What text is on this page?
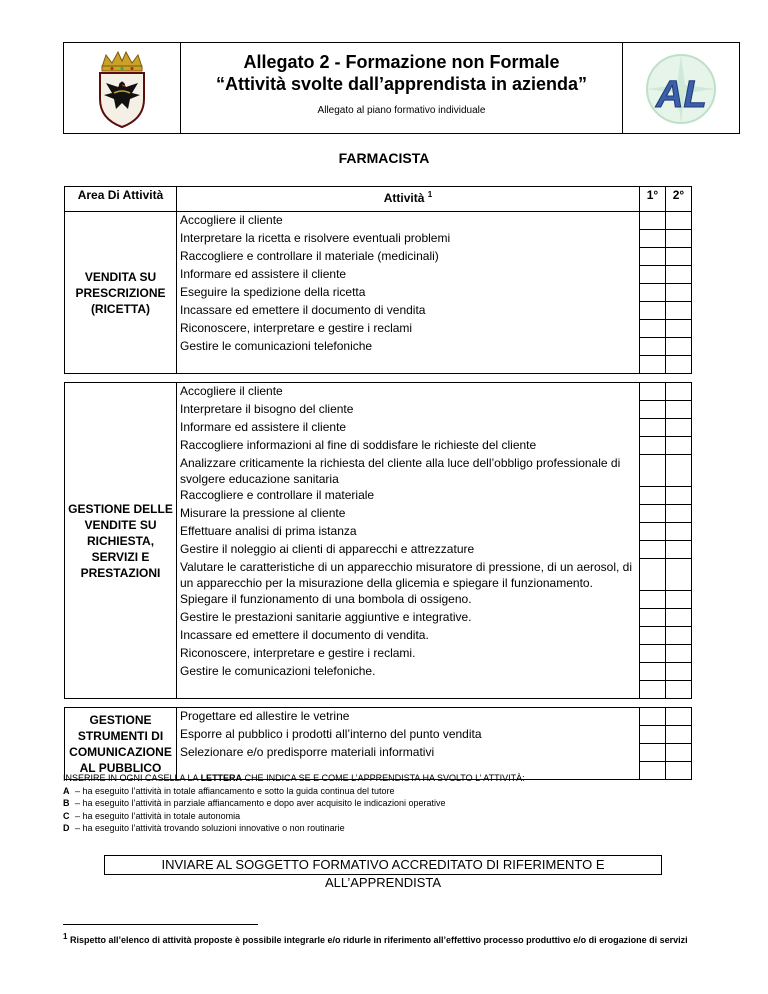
Allegato 2 - Formazione non Formale
“Attività svolte dall’apprendista in azienda”
Allegato al piano formativo individuale	AL
FARMACISTA
Area Di Attività	Attività $^1$	1°	2°
VENDITA SU PRESCRIZIONE (RICETTA)	Accogliere il cliente		
	Interpretare la ricetta e risolvere eventuali problemi		
	Raccogliere e controllare il materiale (medicinali)		
	Informare ed assistere il cliente		
	Eseguire la spedizione della ricetta		
	Incassare ed emettere il documento di vendita		
	Riconoscere, interpretare e gestire i reclami		
	Gestire le comunicazioni telefoniche		

GESTIONE DELLE VENDITE SU RICHIESTA, SERVIZI E PRESTAZIONI	Accogliere il cliente		
	Interpretare il bisogno del cliente		
	Informare ed assistere il cliente		
	Raccogliere informazioni al fine di soddisfare le richieste del cliente		
	Analizzare criticamente la richiesta del cliente alla luce dell’obbligo professionale di svolgere educazione sanitaria		
	Raccogliere e controllare il materiale		
	Misurare la pressione al cliente		
	Effettuare analisi di prima istanza		
	Gestire il noleggio ai clienti di apparecchi e attrezzature		
	Valutare le caratteristiche di un apparecchio misuratore di pressione, di un aerosol, di un apparecchio per la misurazione della glicemia e spiegare il funzionamento.		
	Spiegare il funzionamento di una bombola di ossigeno.		
	Gestire le prestazioni sanitarie aggiuntive e integrative.		
	Incassare ed emettere il documento di vendita.		
	Riconoscere, interpretare e gestire i reclami.		
	Gestire le comunicazioni telefoniche.		

GESTIONE STRUMENTI DI COMUNICAZIONE AL PUBBLICO	Progettare ed allestire le vetrine		
	Esporre al pubblico i prodotti all’interno del punto vendita		
	Selezionare e/o predisporre materiali informativi		

INSERIRE IN OGNI CASELLA LA LETTERA CHE INDICA SE E COME L’APPRENDISTA HA SVOLTO L’ ATTIVITÀ:
A – ha eseguito l’attività in totale affiancamento e sotto la guida continua del tutore
B – ha eseguito l’attività in parziale affiancamento e dopo aver acquisito le indicazioni operative
C – ha eseguito l’attività in totale autonomia
D – ha eseguito l’attività trovando soluzioni innovative o non routinarie
INVIARE AL SOGGETTO FORMATIVO ACCREDITATO DI RIFERIMENTO E ALL’APPRENDISTA
1 Rispetto all’elenco di attività proposte è possibile integrarle e/o ridurle in riferimento all’effettivo processo produttivo e/o di erogazione di servizi
